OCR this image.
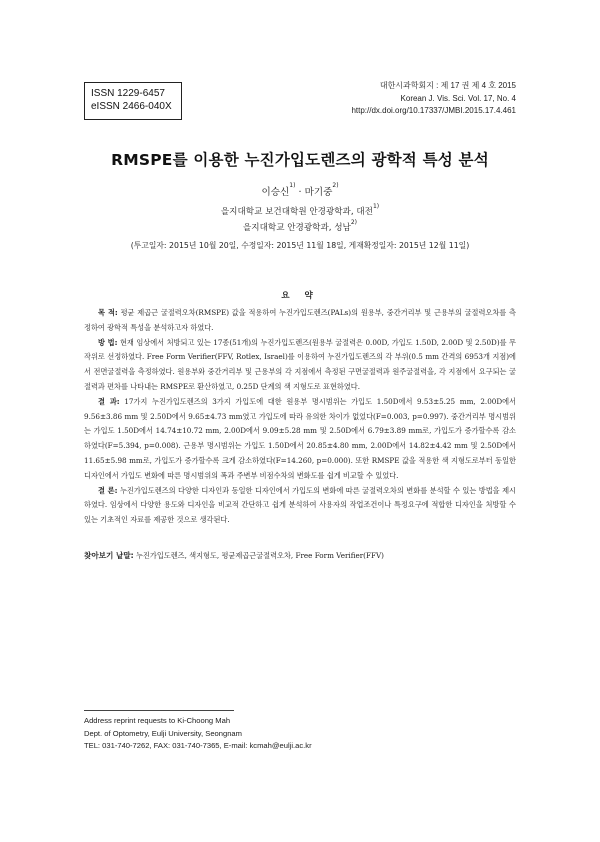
ISSN 1229-6457
eISSN 2466-040X
대한시과학회지 : 제 17 권 제 4 호 2015
Korean J. Vis. Sci. Vol. 17, No. 4
http://dx.doi.org/10.17337/JMBI.2015.17.4.461
RMSPE를 이용한 누진가입도렌즈의 광학적 특성 분석
이승신$^{1)}$ · 마기중$^{2)}$
을지대학교 보건대학원 안경광학과, 대전$^{1)}$
을지대학교 안경광학과, 성남$^{2)}$
(투고일자: 2015년 10월 20일, 수정일자: 2015년 11월 18일, 게재확정일자: 2015년 12월 11일)
요 약

목 적: 평균 제곱근 굴절력오차(RMSPE) 값을 적용하여 누진가입도렌즈(PALs)의 원용부, 중간거리부 및 근용부의 굴절력오차를 측정하여 광학적 특성을 분석하고자 하였다.

방 법: 현재 임상에서 처방되고 있는 17종(51개)의 누진가입도렌즈(원용부 굴절력은 0.00D, 가입도 1.50D, 2.00D 및 2.50D)를 무작위로 선정하였다. Free Form Verifier(FFV, Rotlex, Israel)를 이용하여 누진가입도렌즈의 각 부위(0.5 mm 간격의 6953개 지점)에서 전면굴절력을 측정하였다. 원용부와 중간거리부 및 근용부의 각 지점에서 측정된 구면굴절력과 원주굴절력을, 각 지점에서 요구되는 굴절력과 편차를 나타내는 RMSPE로 환산하였고, 0.25D 단계의 색 지형도로 표현하였다.

결 과: 17가지 누진가입도렌즈의 3가지 가입도에 대한 원용부 명시범위는 가입도 1.50D에서 9.53±5.25 mm, 2.00D에서 9.56±3.86 mm 및 2.50D에서 9.65±4.73 mm였고 가입도에 따라 유의한 차이가 없었다(F=0.003, p=0.997). 중간거리부 명시범위는 가입도 1.50D에서 14.74±10.72 mm, 2.00D에서 9.09±5.28 mm 및 2.50D에서 6.79±3.89 mm로, 가입도가 증가할수록 감소하였다(F=5.394, p=0.008). 근용부 명시범위는 가입도 1.50D에서 20.85±4.80 mm, 2.00D에서 14.82±4.42 mm 및 2.50D에서 11.65±5.98 mm로, 가입도가 증가할수록 크게 감소하였다(F=14.260, p=0.000). 또한 RMSPE 값을 적용한 색 지형도로부터 동일한 디자인에서 가입도 변화에 따른 명시범위의 폭과 주변부 비점수차의 변화도를 쉽게 비교할 수 있었다.

결 론: 누진가입도렌즈의 다양한 디자인과 동일한 디자인에서 가입도의 변화에 따른 굴절력오차의 변화를 분석할 수 있는 방법을 제시하였다. 임상에서 다양한 용도와 디자인을 비교적 간단하고 쉽게 분석하여 사용자의 작업조건이나 특정요구에 적합한 디자인을 처방할 수 있는 기초적인 자료를 제공한 것으로 생각된다.

찾아보기 낱말: 누진가입도렌즈, 색지형도, 평균제곱근굴절력오차, Free Form Verifier(FFV)
Address reprint requests to Ki-Choong Mah
Dept. of Optometry, Eulji University, Seongnam
TEL: 031-740-7262, FAX: 031-740-7365, E-mail: kcmah@eulji.ac.kr
